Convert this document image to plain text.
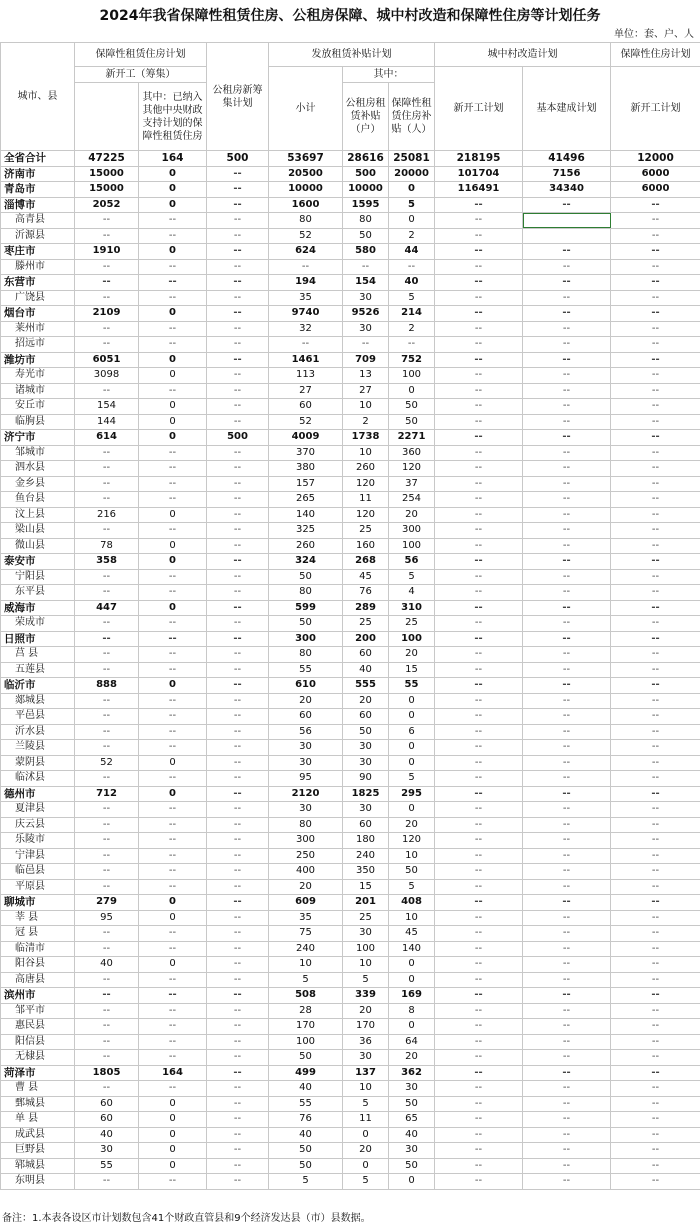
2024年我省保障性租赁住房、公租房保障、城中村改造和保障性住房等计划任务
单位：套、户、人
城市、县	保障性租赁住房计划		公租房新筹集计划	发放租赁补贴计划			城中村改造计划		保障性住房计划
	新开工（筹集）			小计	其中：		新开工计划	基本建成计划	新开工计划
		其中：已纳入其他中央财政支持计划的保障性租赁住房			公租房租赁补贴（户）	保障性租赁住房补贴（人）			

全省合计	47225	164	500	53697	28616	25081	218195	41496	12000
济南市	15000	0	--	20500	500	20000	101704	7156	6000
青岛市	15000	0	--	10000	10000	0	116491	34340	6000
淄博市	2052	0	--	1600	1595	5	--	--	--
高青县	--	--	--	80	80	0	--		--
沂源县	--	--	--	52	50	2	--		--
枣庄市	1910	0	--	624	580	44	--	--	--
滕州市	--	--	--	--	--	--	--	--	--
东营市	--	--	--	194	154	40	--	--	--
广饶县	--	--	--	35	30	5	--	--	--
烟台市	2109	0	--	9740	9526	214	--	--	--
莱州市	--	--	--	32	30	2	--	--	--
招远市	--	--	--	--	--	--	--	--	--
潍坊市	6051	0	--	1461	709	752	--	--	--
寿光市	3098	0	--	113	13	100	--	--	--
诸城市	--	--	--	27	27	0	--	--	--
安丘市	154	0	--	60	10	50	--	--	--
临朐县	144	0	--	52	2	50	--	--	--
济宁市	614	0	500	4009	1738	2271	--	--	--
邹城市	--	--	--	370	10	360	--	--	--
泗水县	--	--	--	380	260	120	--	--	--
金乡县	--	--	--	157	120	37	--	--	--
鱼台县	--	--	--	265	11	254	--	--	--
汶上县	216	0	--	140	120	20	--	--	--
梁山县	--	--	--	325	25	300	--	--	--
微山县	78	0	--	260	160	100	--	--	--
泰安市	358	0	--	324	268	56	--	--	--
宁阳县	--	--	--	50	45	5	--	--	--
东平县	--	--	--	80	76	4	--	--	--
威海市	447	0	--	599	289	310	--	--	--
荣成市	--	--	--	50	25	25	--	--	--
日照市	--	--	--	300	200	100	--	--	--
莒 县	--	--	--	80	60	20	--	--	--
五莲县	--	--	--	55	40	15	--	--	--
临沂市	888	0	--	610	555	55	--	--	--
郯城县	--	--	--	20	20	0	--	--	--
平邑县	--	--	--	60	60	0	--	--	--
沂水县	--	--	--	56	50	6	--	--	--
兰陵县	--	--	--	30	30	0	--	--	--
蒙阴县	52	0	--	30	30	0	--	--	--
临沭县	--	--	--	95	90	5	--	--	--
德州市	712	0	--	2120	1825	295	--	--	--
夏津县	--	--	--	30	30	0	--	--	--
庆云县	--	--	--	80	60	20	--	--	--
乐陵市	--	--	--	300	180	120	--	--	--
宁津县	--	--	--	250	240	10	--	--	--
临邑县	--	--	--	400	350	50	--	--	--
平原县	--	--	--	20	15	5	--	--	--
聊城市	279	0	--	609	201	408	--	--	--
莘 县	95	0	--	35	25	10	--	--	--
冠 县	--	--	--	75	30	45	--	--	--
临清市	--	--	--	240	100	140	--	--	--
阳谷县	40	0	--	10	10	0	--	--	--
高唐县	--	--	--	5	5	0	--	--	--
滨州市	--	--	--	508	339	169	--	--	--
邹平市	--	--	--	28	20	8	--	--	--
惠民县	--	--	--	170	170	0	--	--	--
阳信县	--	--	--	100	36	64	--	--	--
无棣县	--	--	--	50	30	20	--	--	--
菏泽市	1805	164	--	499	137	362	--	--	--
曹 县	--	--	--	40	10	30	--	--	--
鄄城县	60	0	--	55	5	50	--	--	--
单 县	60	0	--	76	11	65	--	--	--
成武县	40	0	--	40	0	40	--	--	--
巨野县	30	0	--	50	20	30	--	--	--
郓城县	55	0	--	50	0	50	--	--	--
东明县	--	--	--	5	5	0	--	--	--
备注：1.本表各设区市计划数包含41个财政直管县和9个经济发达县（市）县数据。
